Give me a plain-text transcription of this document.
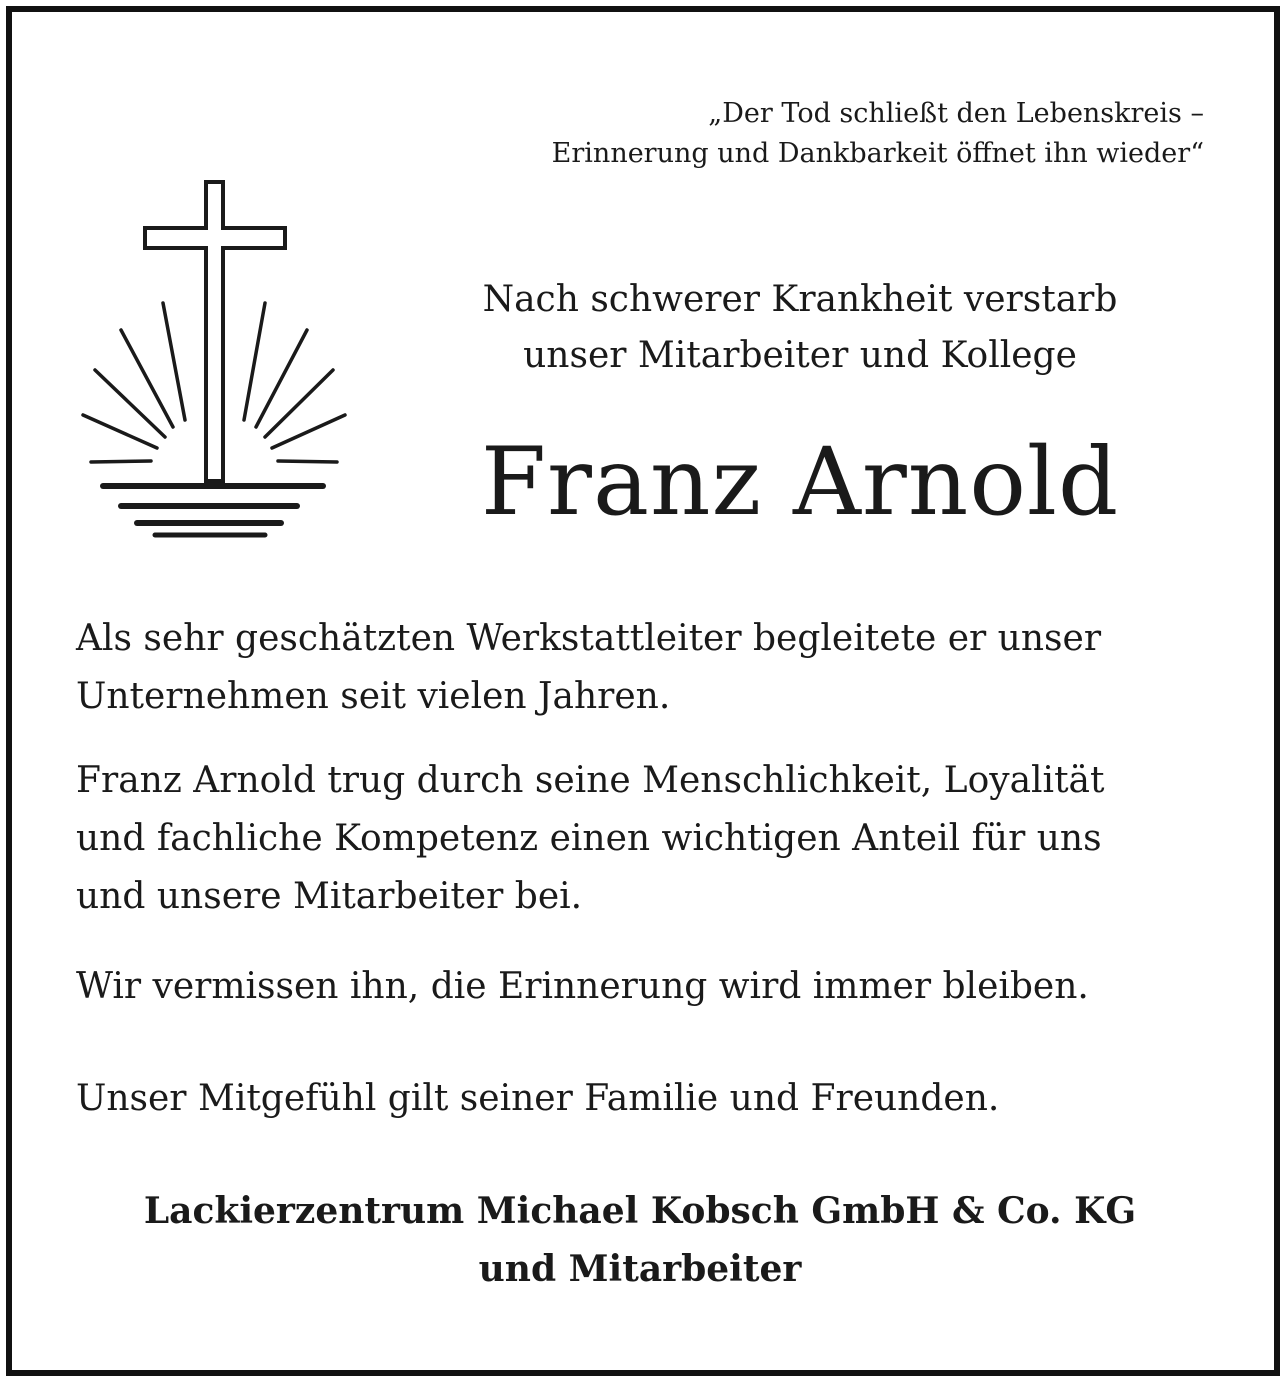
„Der Tod schließt den Lebenskreis –
Erinnerung und Dankbarkeit öffnet ihn wieder“
Nach schwerer Krankheit verstarb
unser Mitarbeiter und Kollege
Franz Arnold
Als sehr geschätzten Werkstattleiter begleitete er unser
Unternehmen seit vielen Jahren.
Franz Arnold trug durch seine Menschlichkeit, Loyalität
und fachliche Kompetenz einen wichtigen Anteil für uns
und unsere Mitarbeiter bei.
Wir vermissen ihn, die Erinnerung wird immer bleiben.
Unser Mitgefühl gilt seiner Familie und Freunden.
Lackierzentrum Michael Kobsch GmbH & Co. KG
und Mitarbeiter
